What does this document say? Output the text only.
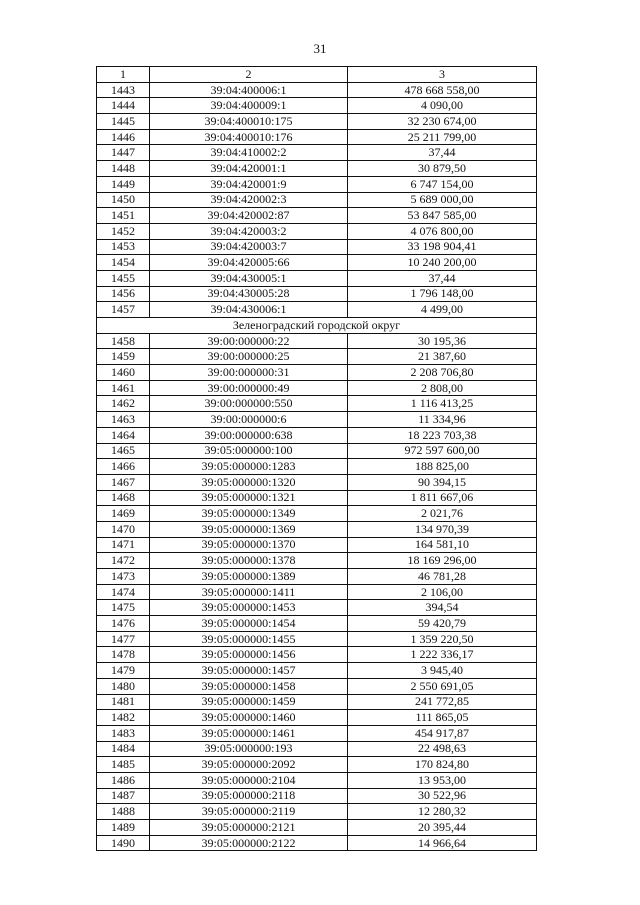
31
1	2	3
1443	39:04:400006:1	478 668 558,00
1444	39:04:400009:1	4 090,00
1445	39:04:400010:175	32 230 674,00
1446	39:04:400010:176	25 211 799,00
1447	39:04:410002:2	37,44
1448	39:04:420001:1	30 879,50
1449	39:04:420001:9	6 747 154,00
1450	39:04:420002:3	5 689 000,00
1451	39:04:420002:87	53 847 585,00
1452	39:04:420003:2	4 076 800,00
1453	39:04:420003:7	33 198 904,41
1454	39:04:420005:66	10 240 200,00
1455	39:04:430005:1	37,44
1456	39:04:430005:28	1 796 148,00
1457	39:04:430006:1	4 499,00
Зеленоградский городской округ		
1458	39:00:000000:22	30 195,36
1459	39:00:000000:25	21 387,60
1460	39:00:000000:31	2 208 706,80
1461	39:00:000000:49	2 808,00
1462	39:00:000000:550	1 116 413,25
1463	39:00:000000:6	11 334,96
1464	39:00:000000:638	18 223 703,38
1465	39:05:000000:100	972 597 600,00
1466	39:05:000000:1283	188 825,00
1467	39:05:000000:1320	90 394,15
1468	39:05:000000:1321	1 811 667,06
1469	39:05:000000:1349	2 021,76
1470	39:05:000000:1369	134 970,39
1471	39:05:000000:1370	164 581,10
1472	39:05:000000:1378	18 169 296,00
1473	39:05:000000:1389	46 781,28
1474	39:05:000000:1411	2 106,00
1475	39:05:000000:1453	394,54
1476	39:05:000000:1454	59 420,79
1477	39:05:000000:1455	1 359 220,50
1478	39:05:000000:1456	1 222 336,17
1479	39:05:000000:1457	3 945,40
1480	39:05:000000:1458	2 550 691,05
1481	39:05:000000:1459	241 772,85
1482	39:05:000000:1460	111 865,05
1483	39:05:000000:1461	454 917,87
1484	39:05:000000:193	22 498,63
1485	39:05:000000:2092	170 824,80
1486	39:05:000000:2104	13 953,00
1487	39:05:000000:2118	30 522,96
1488	39:05:000000:2119	12 280,32
1489	39:05:000000:2121	20 395,44
1490	39:05:000000:2122	14 966,64
